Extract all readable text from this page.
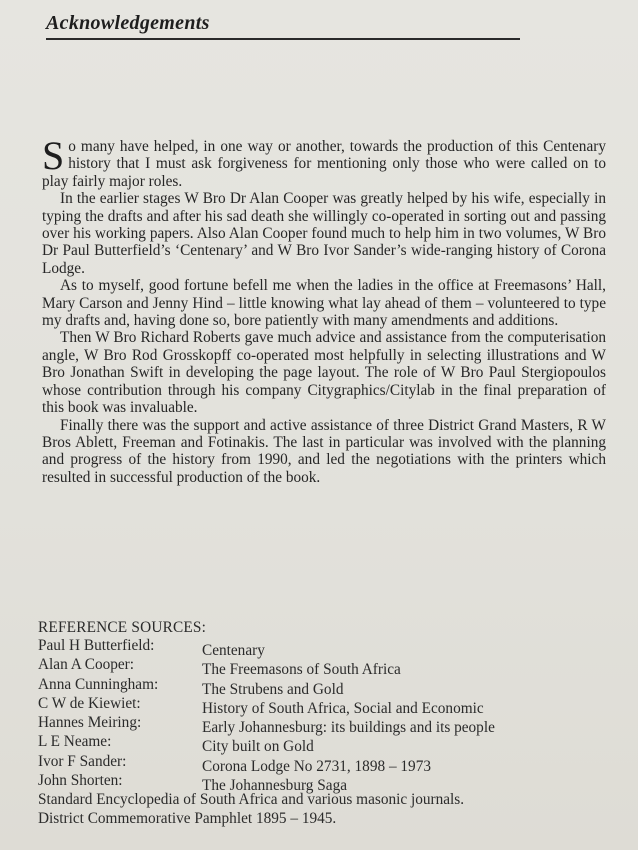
Acknowledgements

So many have helped, in one way or another, towards the production of this Centenary history that I must ask forgiveness for mentioning only those who were called on to play fairly major roles.

In the earlier stages W Bro Dr Alan Cooper was greatly helped by his wife, especially in typing the drafts and after his sad death she willingly co-operated in sorting out and passing over his working papers. Also Alan Cooper found much to help him in two volumes, W Bro Dr Paul Butterfield’s ‘Centenary’ and W Bro Ivor Sander’s wide-ranging history of Corona Lodge.

As to myself, good fortune befell me when the ladies in the office at Freemasons’ Hall, Mary Carson and Jenny Hind – little knowing what lay ahead of them – volunteered to type my drafts and, having done so, bore patiently with many amendments and additions.

Then W Bro Richard Roberts gave much advice and assistance from the computerisation angle, W Bro Rod Grosskopff co-operated most helpfully in selecting illustrations and W Bro Jonathan Swift in developing the page layout. The role of W Bro Paul Stergiopoulos whose contribution through his company Citygraphics/Citylab in the final preparation of this book was invaluable.

Finally there was the support and active assistance of three District Grand Masters, R W Bros Ablett, Freeman and Fotinakis. The last in particular was involved with the planning and progress of the history from 1990, and led the negotiations with the printers which resulted in successful production of the book.

REFERENCE SOURCES:
Paul H Butterfield:	Centenary
Alan A Cooper:	The Freemasons of South Africa
Anna Cunningham:	The Strubens and Gold
C W de Kiewiet:	History of South Africa, Social and Economic
Hannes Meiring:	Early Johannesburg: its buildings and its people
L E Neame:	City built on Gold
Ivor F Sander:	Corona Lodge No 2731, 1898 – 1973
John Shorten:	The Johannesburg Saga
Standard Encyclopedia of South Africa and various masonic journals.
District Commemorative Pamphlet 1895 – 1945.
